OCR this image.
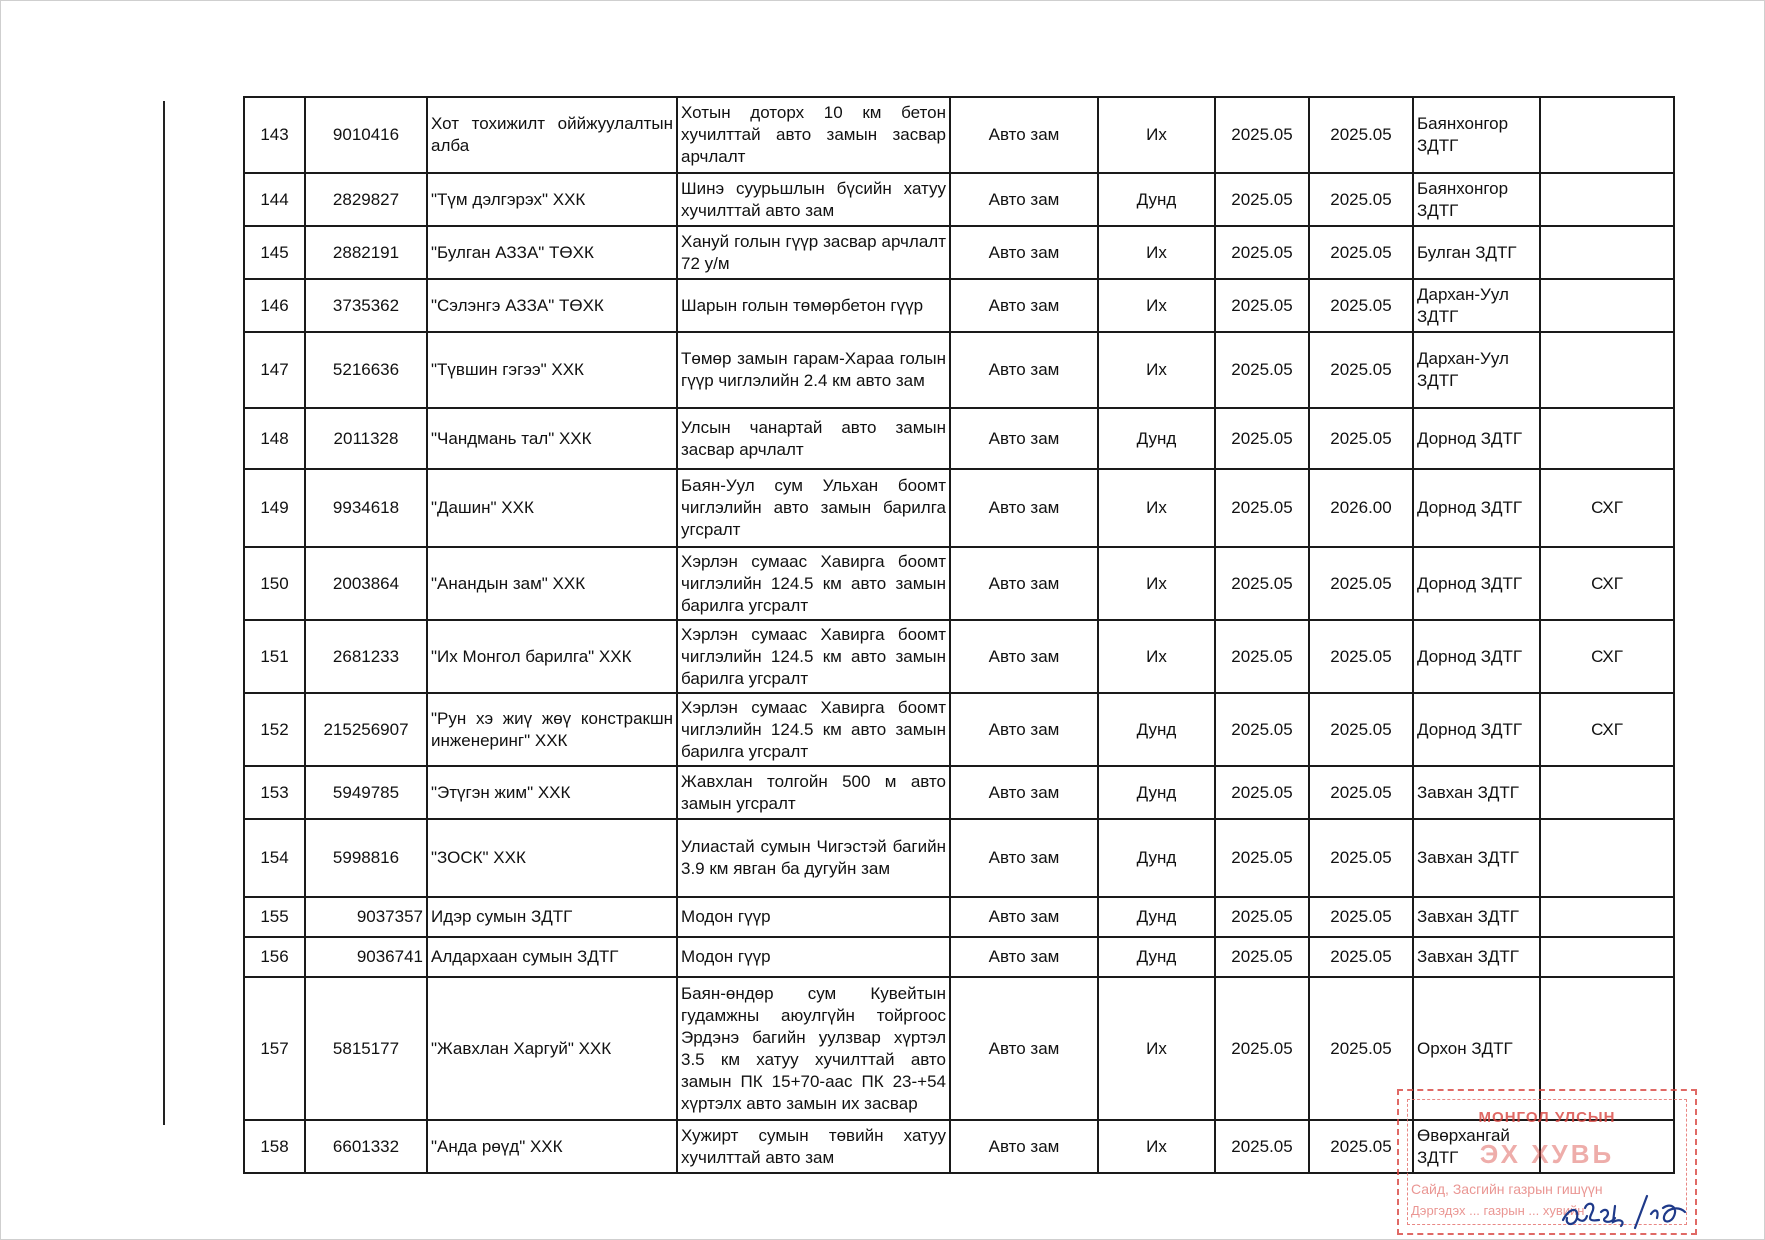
143	9010416	Хот тохижилт оййжуулалтын алба	Хотын доторх 10 км бетон хучилттай авто замын засвар арчлалт	Авто зам	Их	2025.05	2025.05	Баянхонгор ЗДТГ	
144	2829827	"Түм дэлгэрэх" ХХК	Шинэ суурьшлын бүсийн хатуу хучилттай авто зам	Авто зам	Дунд	2025.05	2025.05	Баянхонгор ЗДТГ	
145	2882191	"Булган АЗЗА" ТӨХК	Хануй голын гүүр засвар арчлалт 72 у/м	Авто зам	Их	2025.05	2025.05	Булган ЗДТГ	
146	3735362	"Сэлэнгэ АЗЗА" ТӨХК	Шарын голын төмөрбетон гүүр	Авто зам	Их	2025.05	2025.05	Дархан-Уул ЗДТГ	
147	5216636	"Түвшин гэгээ" ХХК	Төмөр замын гарам-Хараа голын гүүр чиглэлийн 2.4 км авто зам	Авто зам	Их	2025.05	2025.05	Дархан-Уул ЗДТГ	
148	2011328	"Чандмань тал" ХХК	Улсын чанартай авто замын засвар арчлалт	Авто зам	Дунд	2025.05	2025.05	Дорнод ЗДТГ	
149	9934618	"Дашин" ХХК	Баян-Уул сум Ульхан боомт чиглэлийн авто замын барилга угсралт	Авто зам	Их	2025.05	2026.00	Дорнод ЗДТГ	СХГ
150	2003864	"Анандын зам" ХХК	Хэрлэн сумаас Хавирга боомт чиглэлийн 124.5 км авто замын барилга угсралт	Авто зам	Их	2025.05	2025.05	Дорнод ЗДТГ	СХГ
151	2681233	"Их Монгол барилга" ХХК	Хэрлэн сумаас Хавирга боомт чиглэлийн 124.5 км авто замын барилга угсралт	Авто зам	Их	2025.05	2025.05	Дорнод ЗДТГ	СХГ
152	215256907	"Рун хэ жиү жөү констракшн инженеринг" ХХК	Хэрлэн сумаас Хавирга боомт чиглэлийн 124.5 км авто замын барилга угсралт	Авто зам	Дунд	2025.05	2025.05	Дорнод ЗДТГ	СХГ
153	5949785	"Этүгэн жим" ХХК	Жавхлан толгойн 500 м авто замын угсралт	Авто зам	Дунд	2025.05	2025.05	Завхан ЗДТГ	
154	5998816	"ЗОСК" ХХК	Улиастай сумын Чигэстэй багийн 3.9 км явган ба дугуйн зам	Авто зам	Дунд	2025.05	2025.05	Завхан ЗДТГ	
155	9037357	Идэр сумын ЗДТГ	Модон гүүр	Авто зам	Дунд	2025.05	2025.05	Завхан ЗДТГ	
156	9036741	Алдархаан сумын ЗДТГ	Модон гүүр	Авто зам	Дунд	2025.05	2025.05	Завхан ЗДТГ	
157	5815177	"Жавхлан Харгуй" ХХК	Баян-өндөр сум Кувейтын гудамжны аюулгүйн тойргоос Эрдэнэ багийн уулзвар хүртэл 3.5 км хатуу хучилттай авто замын ПК 15+70-аас ПК 23-+54 хүртэлх авто замын их засвар	Авто зам	Их	2025.05	2025.05	Орхон ЗДТГ	
158	6601332	"Анда рөүд" ХХК	Хужирт сумын төвийн хатуу хучилттай авто зам	Авто зам	Их	2025.05	2025.05	Өвөрхангай ЗДТГ	
МОНГОЛ УЛСЫН
ЭХ ХУВЬ
Сайд, Засгийн газрын гишүүн
Дэргэдэх ... газрын ... хувийн
